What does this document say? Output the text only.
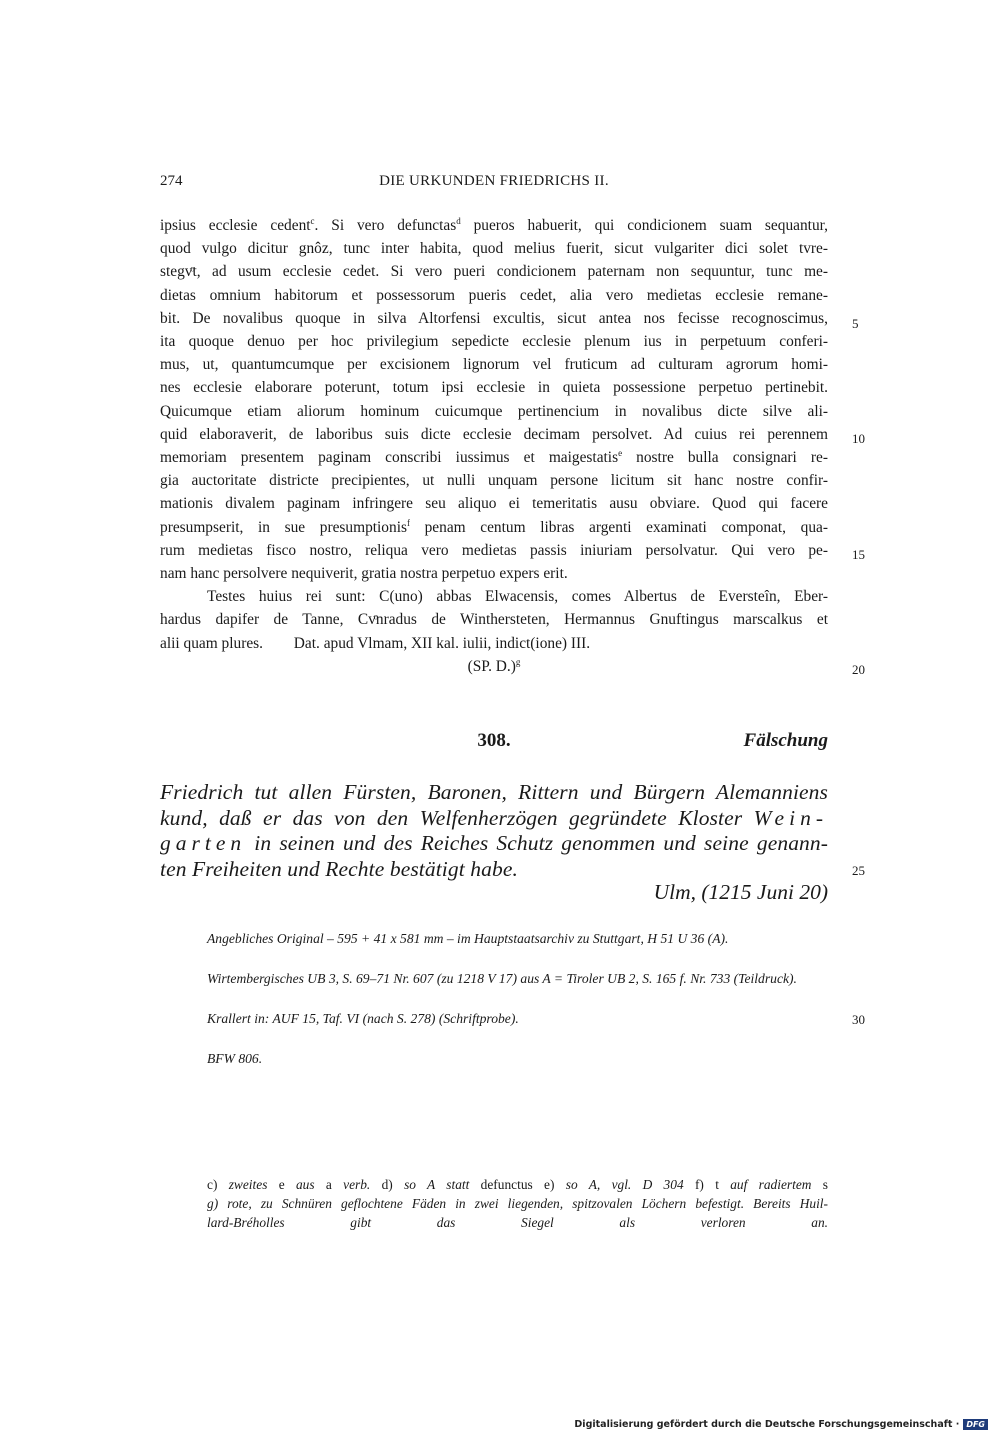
274	DIE URKUNDEN FRIEDRICHS II.
ipsius ecclesie cedent$^c$. Si vero defunctas$^d$ pueros habuerit, qui condicionem suam sequantur,
quod vulgo dicitur gnôz, tunc inter habita, quod melius fuerit, sicut vulgariter dici solet tvre-
stegvͦt, ad usum ecclesie cedet. Si vero pueri condicionem paternam non sequuntur, tunc me-
dietas omnium habitorum et possessorum pueris cedet, alia vero medietas ecclesie remane-
bit. De novalibus quoque in silva Altorfensi excultis, sicut antea nos fecisse recognoscimus,
ita quoque denuo per hoc privilegium sepedicte ecclesie plenum ius in perpetuum conferi-
mus, ut, quantumcumque per excisionem lignorum vel fruticum ad culturam agrorum homi-
nes ecclesie elaborare poterunt, totum ipsi ecclesie in quieta possessione perpetuo pertinebit.
Quicumque etiam aliorum hominum cuicumque pertinencium in novalibus dicte silve ali-
quid elaboraverit, de laboribus suis dicte ecclesie decimam persolvet. Ad cuius rei perennem
memoriam presentem paginam conscribi iussimus et maigestatis$^e$ nostre bulla consignari re-
gia auctoritate districte precipientes, ut nulli unquam persone licitum sit hanc nostre confir-
mationis divalem paginam infringere seu aliquo ei temeritatis ausu obviare. Quod qui facere
presumpserit, in sue presumptionis$^f$ penam centum libras argenti examinati componat, qua-
rum medietas fisco nostro, reliqua vero medietas passis iniuriam persolvatur. Qui vero pe-
nam hanc persolvere nequiverit, gratia nostra perpetuo expers erit.
Testes huius rei sunt: C(uno) abbas Elwacensis, comes Albertus de Eversteîn, Eber-
hardus dapifer de Tanne, Cvͦnradus de Winthersteten, Hermannus Gnuftingus marscalkus et
alii quam plures.        Dat. apud Vlmam, XII kal. iulii, indict(ione) III.
(SP. D.)$^g$
308.	Fälschung
Friedrich tut allen Fürsten, Baronen, Rittern und Bürgern Alemanniens
kund, daß er das von den Welfenherzögen gegründete Kloster Wein-
garten in seinen und des Reiches Schutz genommen und seine genann-
ten Freiheiten und Rechte bestätigt habe.
Ulm, (1215 Juni 20)

Angebliches Original – 595 + 41 x 581 mm – im Hauptstaatsarchiv zu Stuttgart, H 51 U 36 (A).

Wirtembergisches UB 3, S. 69–71 Nr. 607 (zu 1218 V 17) aus A = Tiroler UB 2, S. 165 f. Nr. 733 (Teildruck).

Krallert in: AUF 15, Taf. VI (nach S. 278) (Schriftprobe).

BFW 806.

c) zweites e aus a verb. d) so A statt defunctus e) so A, vgl. D 304 f) t auf radiertem s
g) rote, zu Schnüren geflochtene Fäden in zwei liegenden, spitzovalen Löchern befestigt. Bereits Huil-
lard-Bréholles gibt das Siegel als verloren an.
5
10
15
20
25
30
Digitalisierung gefördert durch die Deutsche Forschungsgemeinschaft · DFG
